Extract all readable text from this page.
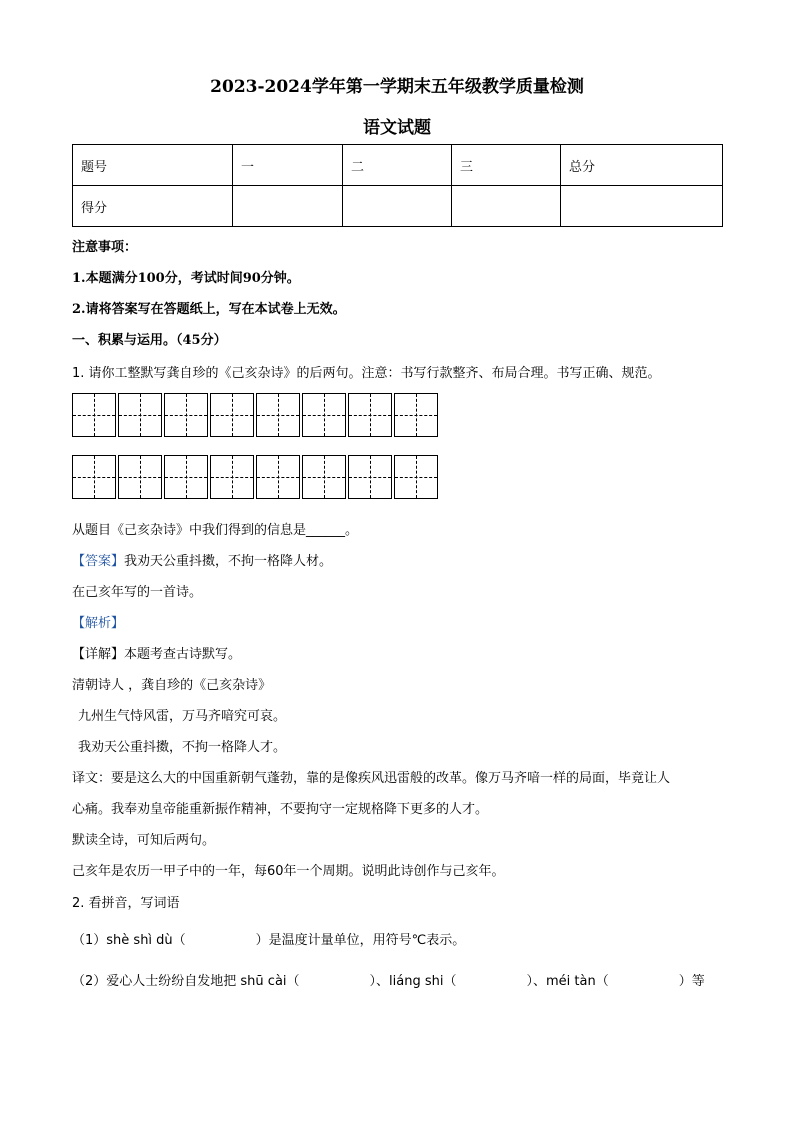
2023-2024学年第一学期末五年级教学质量检测
语文试题
题号	一	二	三	总分
得分				
注意事项：
1.本题满分100分，考试时间90分钟。
2.请将答案写在答题纸上，写在本试卷上无效。
一、积累与运用。（45分）
1. 请你工整默写龚自珍的《己亥杂诗》的后两句。注意：书写行款整齐、布局合理。书写正确、规范。
从题目《己亥杂诗》中我们得到的信息是______。
【答案】我劝天公重抖擞，不拘一格降人材。
在己亥年写的一首诗。
【解析】
【详解】本题考查古诗默写。
清朝诗人 ，龚自珍的《己亥杂诗》
九州生气恃风雷，万马齐喑究可哀。
我劝天公重抖擞，不拘一格降人才。
译文：要是这么大的中国重新朝气蓬勃，靠的是像疾风迅雷般的改革。像万马齐喑一样的局面，毕竟让人
心痛。我奉劝皇帝能重新振作精神，不要拘守一定规格降下更多的人才。
默读全诗，可知后两句。
己亥年是农历一甲子中的一年，每60年一个周期。说明此诗创作与己亥年。
2. 看拼音，写词语
（1）shè shì dù（	）是温度计量单位，用符号℃表示。
（2）爱心人士纷纷自发地把 shū cài（	）、liáng shi（	）、méi tàn（	）等
